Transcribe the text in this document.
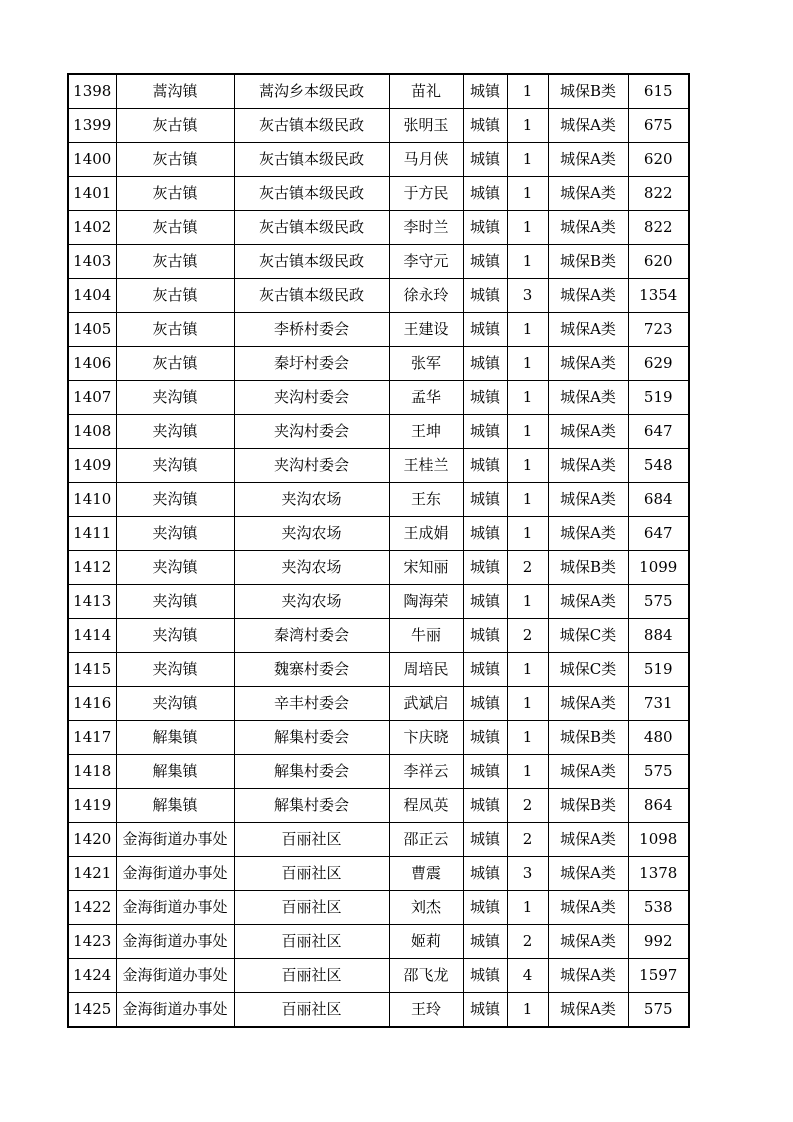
1398	蒿沟镇	蒿沟乡本级民政	苗礼	城镇	1	城保B类	615
1399	灰古镇	灰古镇本级民政	张明玉	城镇	1	城保A类	675
1400	灰古镇	灰古镇本级民政	马月侠	城镇	1	城保A类	620
1401	灰古镇	灰古镇本级民政	于方民	城镇	1	城保A类	822
1402	灰古镇	灰古镇本级民政	李时兰	城镇	1	城保A类	822
1403	灰古镇	灰古镇本级民政	李守元	城镇	1	城保B类	620
1404	灰古镇	灰古镇本级民政	徐永玲	城镇	3	城保A类	1354
1405	灰古镇	李桥村委会	王建设	城镇	1	城保A类	723
1406	灰古镇	秦圩村委会	张军	城镇	1	城保A类	629
1407	夹沟镇	夹沟村委会	孟华	城镇	1	城保A类	519
1408	夹沟镇	夹沟村委会	王坤	城镇	1	城保A类	647
1409	夹沟镇	夹沟村委会	王桂兰	城镇	1	城保A类	548
1410	夹沟镇	夹沟农场	王东	城镇	1	城保A类	684
1411	夹沟镇	夹沟农场	王成娟	城镇	1	城保A类	647
1412	夹沟镇	夹沟农场	宋知丽	城镇	2	城保B类	1099
1413	夹沟镇	夹沟农场	陶海荣	城镇	1	城保A类	575
1414	夹沟镇	秦湾村委会	牛丽	城镇	2	城保C类	884
1415	夹沟镇	魏寨村委会	周培民	城镇	1	城保C类	519
1416	夹沟镇	辛丰村委会	武斌启	城镇	1	城保A类	731
1417	解集镇	解集村委会	卞庆晓	城镇	1	城保B类	480
1418	解集镇	解集村委会	李祥云	城镇	1	城保A类	575
1419	解集镇	解集村委会	程凤英	城镇	2	城保B类	864
1420	金海街道办事处	百丽社区	邵正云	城镇	2	城保A类	1098
1421	金海街道办事处	百丽社区	曹震	城镇	3	城保A类	1378
1422	金海街道办事处	百丽社区	刘杰	城镇	1	城保A类	538
1423	金海街道办事处	百丽社区	姬莉	城镇	2	城保A类	992
1424	金海街道办事处	百丽社区	邵飞龙	城镇	4	城保A类	1597
1425	金海街道办事处	百丽社区	王玲	城镇	1	城保A类	575
